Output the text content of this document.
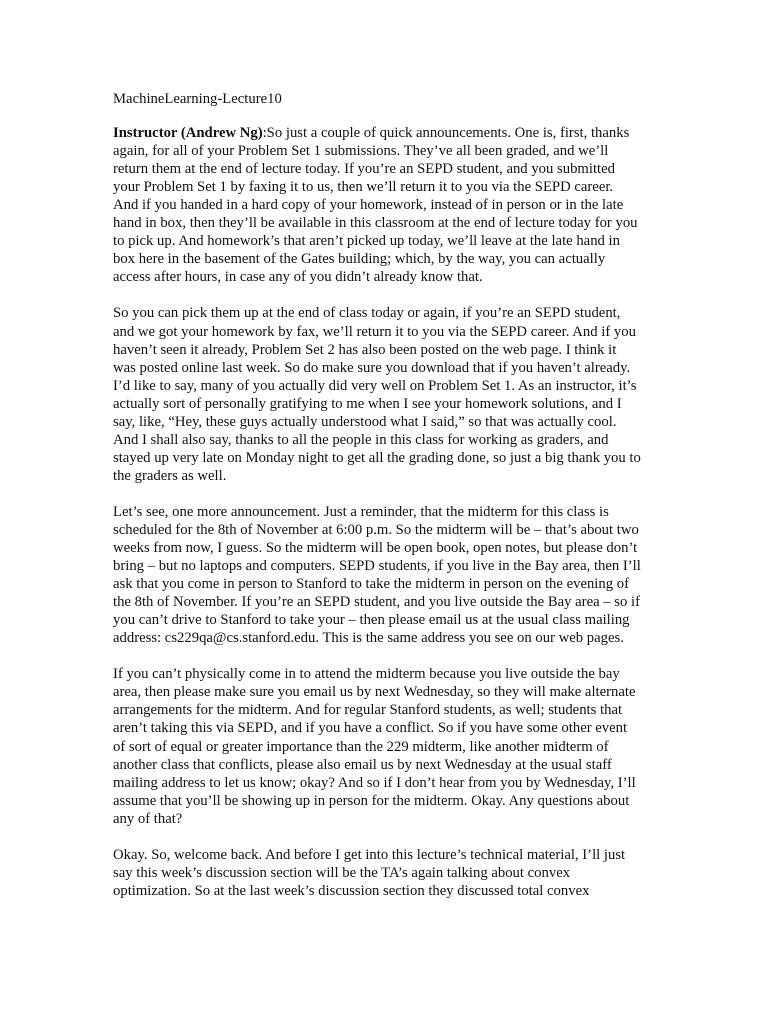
MachineLearning-Lecture10
Instructor (Andrew Ng):So just a couple of quick announcements. One is, first, thanks
again, for all of your Problem Set 1 submissions. They’ve all been graded, and we’ll
return them at the end of lecture today. If you’re an SEPD student, and you submitted
your Problem Set 1 by faxing it to us, then we’ll return it to you via the SEPD career.
And if you handed in a hard copy of your homework, instead of in person or in the late
hand in box, then they’ll be available in this classroom at the end of lecture today for you
to pick up. And homework’s that aren’t picked up today, we’ll leave at the late hand in
box here in the basement of the Gates building; which, by the way, you can actually
access after hours, in case any of you didn’t already know that.
So you can pick them up at the end of class today or again, if you’re an SEPD student,
and we got your homework by fax, we’ll return it to you via the SEPD career. And if you
haven’t seen it already, Problem Set 2 has also been posted on the web page. I think it
was posted online last week. So do make sure you download that if you haven’t already.
I’d like to say, many of you actually did very well on Problem Set 1. As an instructor, it’s
actually sort of personally gratifying to me when I see your homework solutions, and I
say, like, “Hey, these guys actually understood what I said,” so that was actually cool.
And I shall also say, thanks to all the people in this class for working as graders, and
stayed up very late on Monday night to get all the grading done, so just a big thank you to
the graders as well.
Let’s see, one more announcement. Just a reminder, that the midterm for this class is
scheduled for the 8th of November at 6:00 p.m. So the midterm will be – that’s about two
weeks from now, I guess. So the midterm will be open book, open notes, but please don’t
bring – but no laptops and computers. SEPD students, if you live in the Bay area, then I’ll
ask that you come in person to Stanford to take the midterm in person on the evening of
the 8th of November. If you’re an SEPD student, and you live outside the Bay area – so if
you can’t drive to Stanford to take your – then please email us at the usual class mailing
address: cs229qa@cs.stanford.edu. This is the same address you see on our web pages.
If you can’t physically come in to attend the midterm because you live outside the bay
area, then please make sure you email us by next Wednesday, so they will make alternate
arrangements for the midterm. And for regular Stanford students, as well; students that
aren’t taking this via SEPD, and if you have a conflict. So if you have some other event
of sort of equal or greater importance than the 229 midterm, like another midterm of
another class that conflicts, please also email us by next Wednesday at the usual staff
mailing address to let us know; okay? And so if I don’t hear from you by Wednesday, I’ll
assume that you’ll be showing up in person for the midterm. Okay. Any questions about
any of that?
Okay. So, welcome back. And before I get into this lecture’s technical material, I’ll just
say this week’s discussion section will be the TA’s again talking about convex
optimization. So at the last week’s discussion section they discussed total convex
